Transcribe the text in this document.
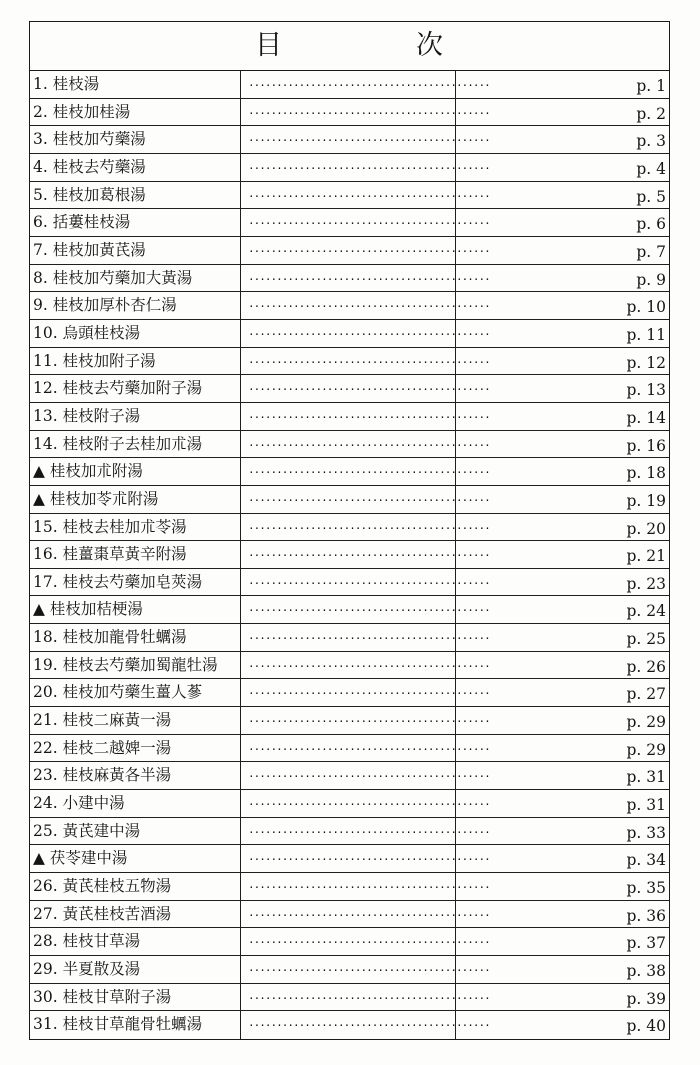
目	次
1. 桂枝湯	...........................................	p. 1
2. 桂枝加桂湯	...........................................	p. 2
3. 桂枝加芍藥湯	...........................................	p. 3
4. 桂枝去芍藥湯	...........................................	p. 4
5. 桂枝加葛根湯	...........................................	p. 5
6. 括蔞桂枝湯	...........................................	p. 6
7. 桂枝加黃芪湯	...........................................	p. 7
8. 桂枝加芍藥加大黃湯	...........................................	p. 9
9. 桂枝加厚朴杏仁湯	...........................................	p. 10
10. 烏頭桂枝湯	...........................................	p. 11
11. 桂枝加附子湯	...........................................	p. 12
12. 桂枝去芍藥加附子湯	...........................................	p. 13
13. 桂枝附子湯	...........................................	p. 14
14. 桂枝附子去桂加朮湯	...........................................	p. 16
▲ 桂枝加朮附湯	...........................................	p. 18
▲ 桂枝加苓朮附湯	...........................................	p. 19
15. 桂枝去桂加朮苓湯	...........................................	p. 20
16. 桂薑棗草黃辛附湯	...........................................	p. 21
17. 桂枝去芍藥加皂莢湯	...........................................	p. 23
▲ 桂枝加桔梗湯	...........................................	p. 24
18. 桂枝加龍骨牡蠣湯	...........................................	p. 25
19. 桂枝去芍藥加蜀龍牡湯	...........................................	p. 26
20. 桂枝加芍藥生薑人蔘	...........................................	p. 27
21. 桂枝二麻黃一湯	...........................................	p. 29
22. 桂枝二越婢一湯	...........................................	p. 29
23. 桂枝麻黃各半湯	...........................................	p. 31
24. 小建中湯	...........................................	p. 31
25. 黃芪建中湯	...........................................	p. 33
▲ 茯苓建中湯	...........................................	p. 34
26. 黃芪桂枝五物湯	...........................................	p. 35
27. 黃芪桂枝苦酒湯	...........................................	p. 36
28. 桂枝甘草湯	...........................................	p. 37
29. 半夏散及湯	...........................................	p. 38
30. 桂枝甘草附子湯	...........................................	p. 39
31. 桂枝甘草龍骨牡蠣湯	...........................................	p. 40
